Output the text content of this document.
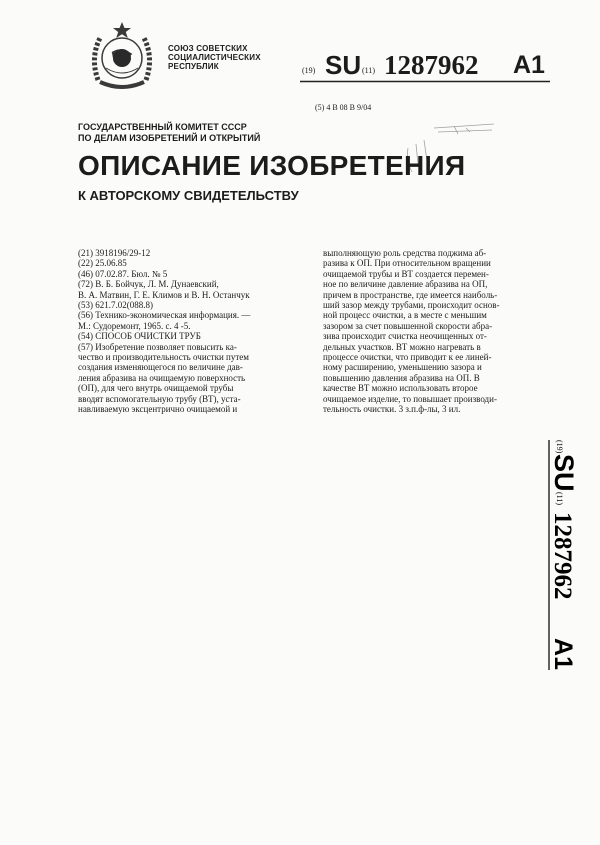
СОЮЗ СОВЕТСКИХ
СОЦИАЛИСТИЧЕСКИХ
РЕСПУБЛИК	(19) SU (11) 1287962 A1
(5) 4 В 08 В 9/04
ГОСУДАРСТВЕННЫЙ КОМИТЕТ СССР
ПО ДЕЛАМ ИЗОБРЕТЕНИЙ И ОТКРЫТИЙ
ОПИСАНИЕ ИЗОБРЕТЕНИЯ
К АВТОРСКОМУ СВИДЕТЕЛЬСТВУ

(21) 3918196/29-12

(22) 25.06.85

(46) 07.02.87. Бюл. № 5

(72) В. Б. Бойчук, Л. М. Дунаевский,

В. А. Матвин, Г. Е. Климов и В. Н. Останчук

(53) 621.7.02(088.8)

(56) Технико-экономическая информация. —

М.: Судоремонт, 1965. с. 4 -5.

(54) СПОСОБ ОЧИСТКИ ТРУБ

(57) Изобретение позволяет повысить ка-

чество и производительность очистки путем

создания изменяющегося по величине дав-

ления абразива на очищаемую поверхность

(ОП), для чего внутрь очищаемой трубы

вводят вспомогательную трубу (ВТ), уста-

навливаемую эксцентрично очищаемой и

выполняющую роль средства поджима аб-

разива к ОП. При относительном вращении

очищаемой трубы и ВТ создается перемен-

ное по величине давление абразива на ОП,

причем в пространстве, где имеется наиболь-

ший зазор между трубами, происходит основ-

ной процесс очистки, а в месте с меньшим

зазором за счет повышенной скорости абра-

зива происходит счистка неочищенных от-

дельных участков. ВТ можно нагревать в

процессе очистки, что приводит к ее линей-

ному расширению, уменьшению зазора и

повышению давления абразива на ОП. В

качестве ВТ можно использовать второе

очищаемое изделие, то повышает производи-

тельность очистки. 3 з.п.ф-лы, 3 ил.

(19)
SU
(11)
1287962
A1
